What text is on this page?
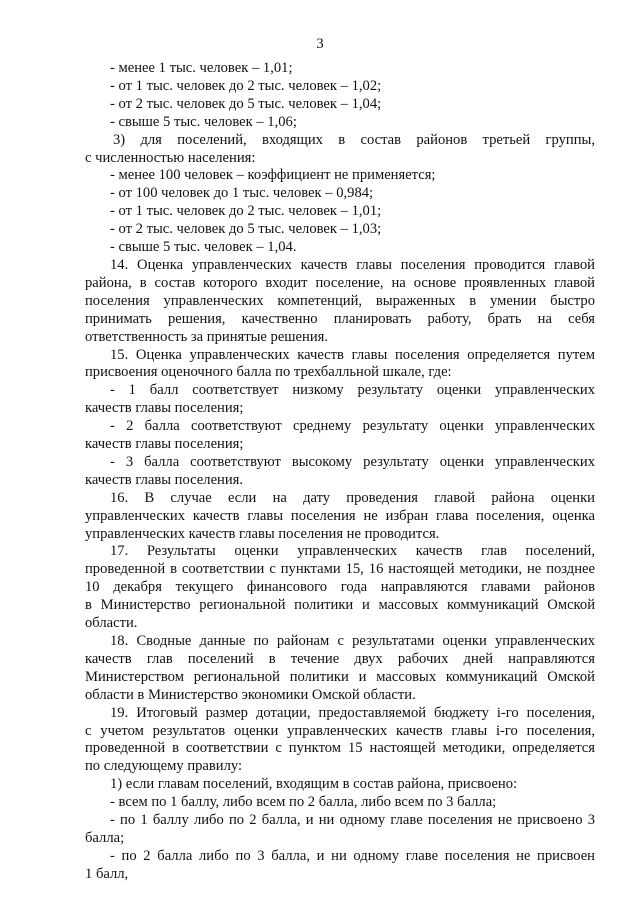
3
- менее 1 тыс. человек – 1,01;
- от 1 тыс. человек до 2 тыс. человек – 1,02;
- от 2 тыс. человек до 5 тыс. человек – 1,04;
- свыше 5 тыс. человек – 1,06;
3) для поселений, входящих в состав районов третьей группы,
с численностью населения:
- менее 100 человек – коэффициент не применяется;
- от 100 человек до 1 тыс. человек – 0,984;
- от 1 тыс. человек до 2 тыс. человек – 1,01;
- от 2 тыс. человек до 5 тыс. человек – 1,03;
- свыше 5 тыс. человек – 1,04.
14. Оценка управленческих качеств главы поселения проводится главой
района, в состав которого входит поселение, на основе проявленных главой
поселения управленческих компетенций, выраженных в умении быстро
принимать решения, качественно планировать работу, брать на себя
ответственность за принятые решения.
15. Оценка управленческих качеств главы поселения определяется путем
присвоения оценочного балла по трехбалльной шкале, где:
- 1 балл соответствует низкому результату оценки управленческих
качеств главы поселения;
- 2 балла соответствуют среднему результату оценки управленческих
качеств главы поселения;
- 3 балла соответствуют высокому результату оценки управленческих
качеств главы поселения.
16. В случае если на дату проведения главой района оценки
управленческих качеств главы поселения не избран глава поселения, оценка
управленческих качеств главы поселения не проводится.
17. Результаты оценки управленческих качеств глав поселений,
проведенной в соответствии с пунктами 15, 16 настоящей методики, не позднее
10 декабря текущего финансового года направляются главами районов
в Министерство региональной политики и массовых коммуникаций Омской
области.
18. Сводные данные по районам с результатами оценки управленческих
качеств глав поселений в течение двух рабочих дней направляются
Министерством региональной политики и массовых коммуникаций Омской
области в Министерство экономики Омской области.
19. Итоговый размер дотации, предоставляемой бюджету i-го поселения,
с учетом результатов оценки управленческих качеств главы i-го поселения,
проведенной в соответствии с пунктом 15 настоящей методики, определяется
по следующему правилу:
1) если главам поселений, входящим в состав района, присвоено:
- всем по 1 баллу, либо всем по 2 балла, либо всем по 3 балла;
- по 1 баллу либо по 2 балла, и ни одному главе поселения не присвоено 3
балла;
- по 2 балла либо по 3 балла, и ни одному главе поселения не присвоен
1 балл,
